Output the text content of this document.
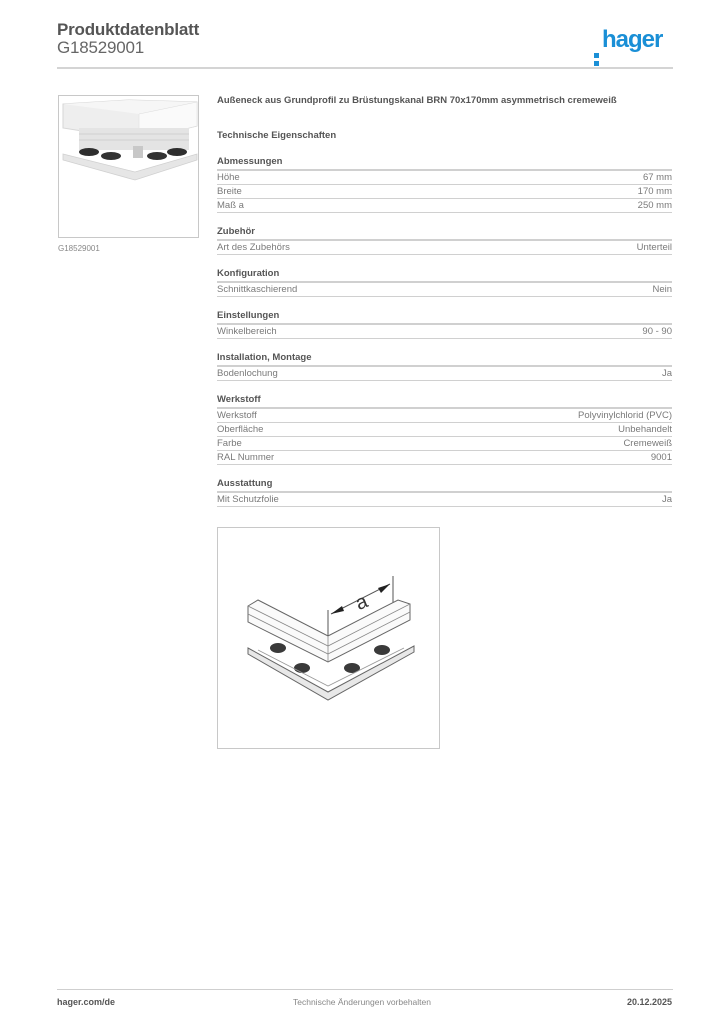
Produktdatenblatt
G18529001	hager
G18529001
Außeneck aus Grundprofil zu Brüstungskanal BRN 70x170mm asymmetrisch cremeweiß
Technische Eigenschaften
Abmessungen
Höhe	67 mm
Breite	170 mm
Maß a	250 mm
Zubehör
Art des Zubehörs	Unterteil
Konfiguration
Schnittkaschierend	Nein
Einstellungen
Winkelbereich	90 - 90
Installation, Montage
Bodenlochung	Ja
Werkstoff
Werkstoff	Polyvinylchlorid (PVC)
Oberfläche	Unbehandelt
Farbe	Cremeweiß
RAL Nummer	9001
Ausstattung
Mit Schutzfolie	Ja
a
hager.com/de	Technische Änderungen vorbehalten	20.12.2025
